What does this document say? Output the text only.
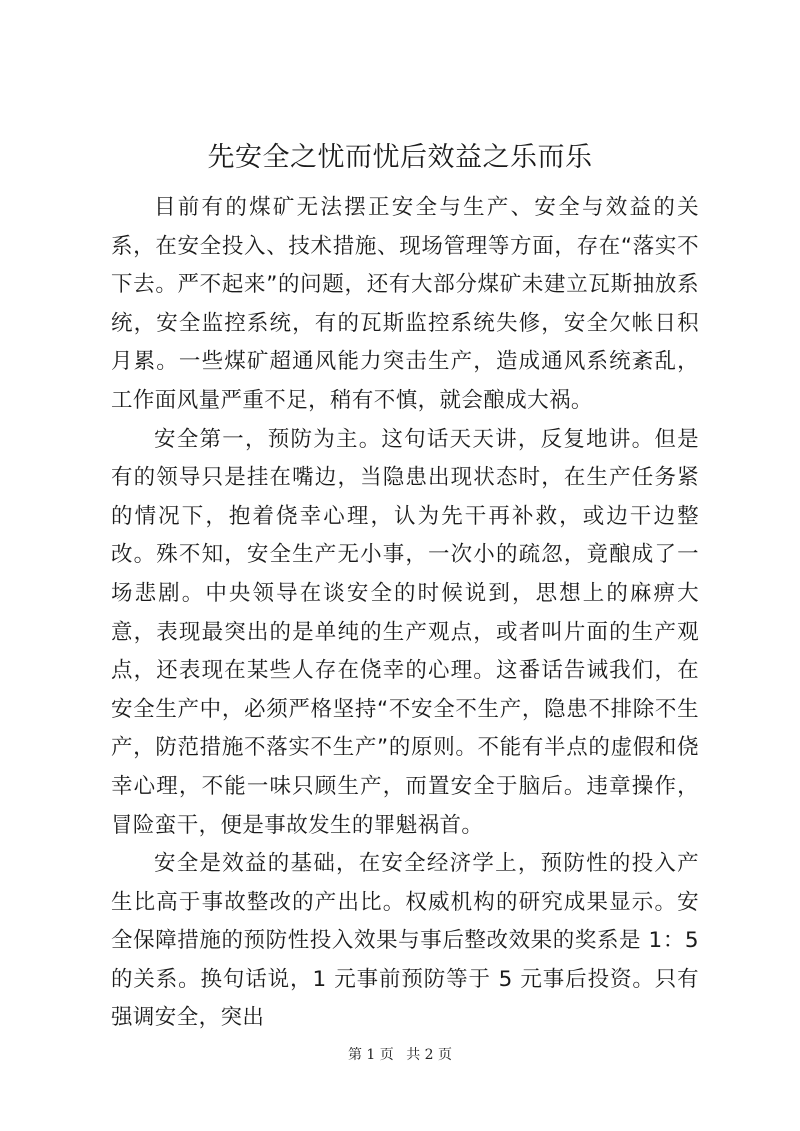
先安全之忧而忧后效益之乐而乐

目前有的煤矿无法摆正安全与生产、安全与效益的关系，在安全投入、技术措施、现场管理等方面，存在“落实不下去。严不起来”的问题，还有大部分煤矿未建立瓦斯抽放系统，安全监控系统，有的瓦斯监控系统失修，安全欠帐日积月累。一些煤矿超通风能力突击生产，造成通风系统紊乱，工作面风量严重不足，稍有不慎，就会酿成大祸。

安全第一，预防为主。这句话天天讲，反复地讲。但是有的领导只是挂在嘴边，当隐患出现状态时，在生产任务紧的情况下，抱着侥幸心理，认为先干再补救，或边干边整改。殊不知，安全生产无小事，一次小的疏忽，竟酿成了一场悲剧。中央领导在谈安全的时候说到，思想上的麻痹大意，表现最突出的是单纯的生产观点，或者叫片面的生产观点，还表现在某些人存在侥幸的心理。这番话告诫我们，在安全生产中，必须严格坚持“不安全不生产，隐患不排除不生产，防范措施不落实不生产”的原则。不能有半点的虚假和侥幸心理，不能一味只顾生产，而置安全于脑后。违章操作，冒险蛮干，便是事故发生的罪魁祸首。

安全是效益的基础，在安全经济学上，预防性的投入产生比高于事故整改的产出比。权威机构的研究成果显示。安全保障措施的预防性投入效果与事后整改效果的奖系是 1：5 的关系。换句话说，1 元事前预防等于 5 元事后投资。只有强调安全，突出

第 1 页 共 2 页
